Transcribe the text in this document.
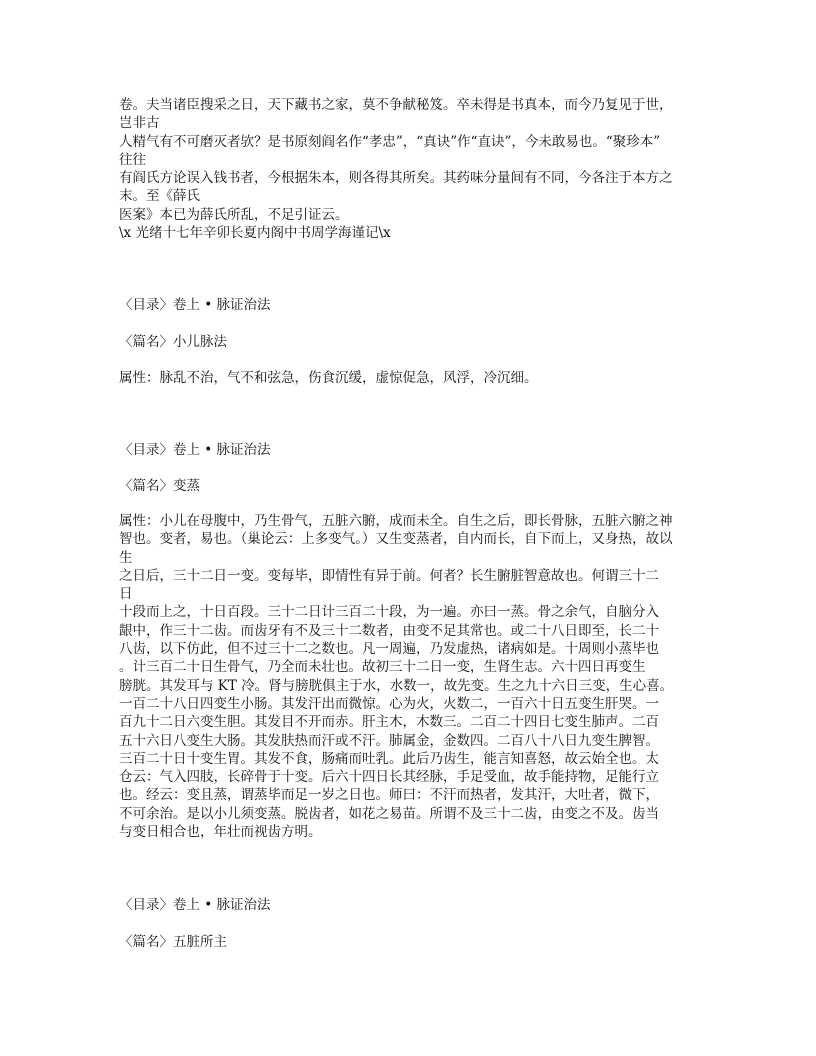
卷。夫当诸臣搜采之日，天下藏书之家，莫不争献秘笈。卒未得是书真本，而今乃复见于世，
岂非古
人精气有不可磨灭者欤？是书原刻阎名作“孝忠”，“真诀”作“直诀”，今未敢易也。“聚珍本”
往往
有阎氏方论误入钱书者，今根据朱本，则各得其所矣。其药味分量间有不同，今各注于本方之
末。至《薛氏
医案》本已为薛氏所乱，不足引证云。
\x 光绪十七年辛卯长夏内阁中书周学海谨记\x
〈目录〉卷上 • 脉证治法
〈篇名〉小儿脉法
属性：脉乱不治，气不和弦急，伤食沉缓，虚惊促急，风浮，冷沉细。
〈目录〉卷上 • 脉证治法
〈篇名〉变蒸
属性：小儿在母腹中，乃生骨气，五脏六腑，成而未全。自生之后，即长骨脉，五脏六腑之神
智也。变者，易也。（巢论云：上多变气。）又生变蒸者，自内而长，自下而上，又身热，故以
生
之日后，三十二日一变。变每毕，即情性有异于前。何者？长生腑脏智意故也。何谓三十二
日
十段而上之，十日百段。三十二日计三百二十段，为一遍。亦曰一蒸。骨之余气，自脑分入
龈中，作三十二齿。而齿牙有不及三十二数者，由变不足其常也。或二十八日即至，长二十
八齿，以下仿此，但不过三十二之数也。凡一周遍，乃发虚热，诸病如是。十周则小蒸毕也
。计三百二十日生骨气，乃全而未壮也。故初三十二日一变，生肾生志。六十四日再变生
膀胱。其发耳与 KT 冷。肾与膀胱俱主于水，水数一，故先变。生之九十六日三变，生心喜。
一百二十八日四变生小肠。其发汗出而微惊。心为火，火数二，一百六十日五变生肝哭。一
百九十二日六变生胆。其发目不开而赤。肝主木，木数三。二百二十四日七变生肺声。二百
五十六日八变生大肠。其发肤热而汗或不汗。肺属金，金数四。二百八十八日九变生脾智。
三百二十日十变生胃。其发不食，肠痛而吐乳。此后乃齿生，能言知喜怒，故云始全也。太
仓云：气入四肢，长碎骨于十变。后六十四日长其经脉，手足受血，故手能持物，足能行立
也。经云：变且蒸，谓蒸毕而足一岁之日也。师曰：不汗而热者，发其汗，大吐者，微下，
不可余治。是以小儿须变蒸。脱齿者，如花之易苗。所谓不及三十二齿，由变之不及。齿当
与变日相合也，年壮而视齿方明。
〈目录〉卷上 • 脉证治法
〈篇名〉五脏所主
